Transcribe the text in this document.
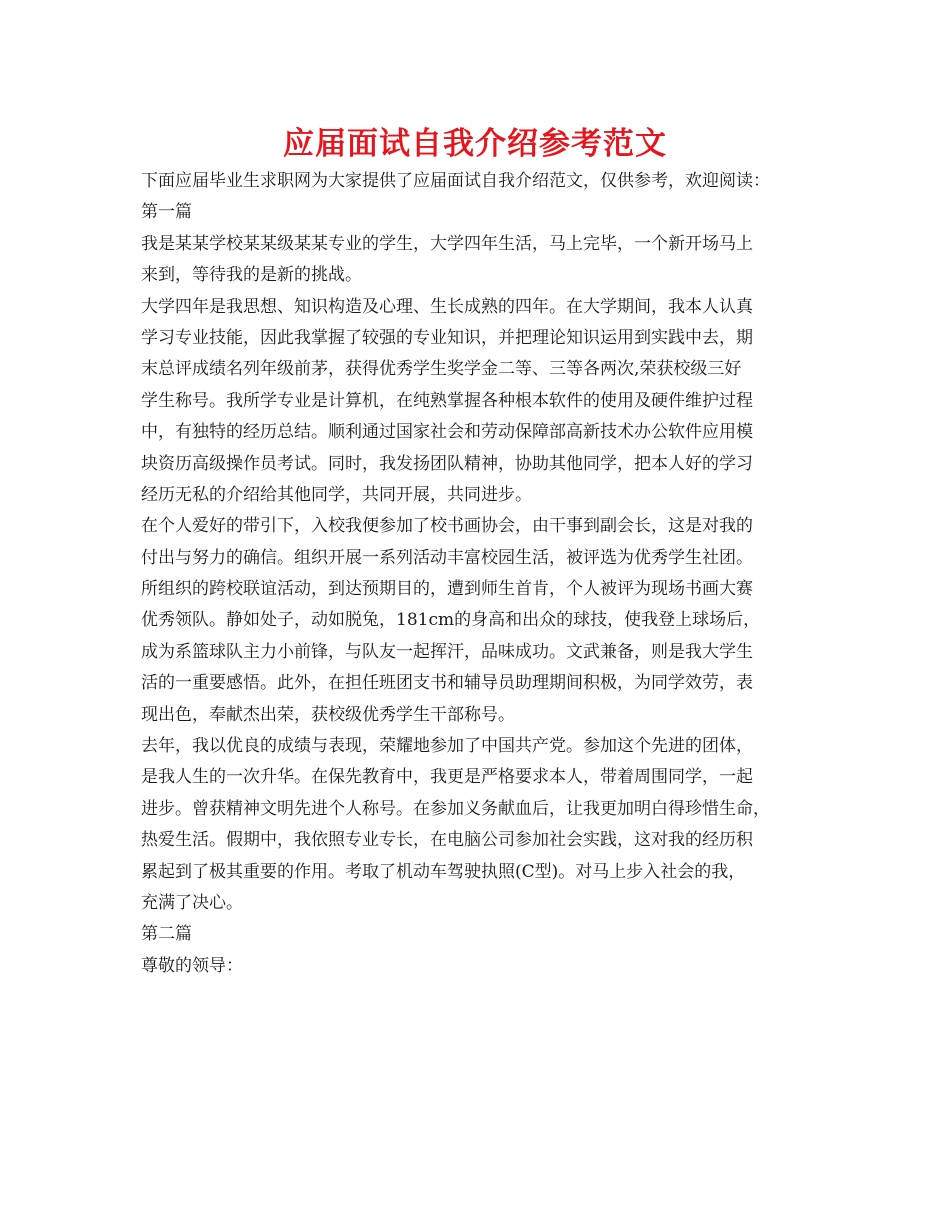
应届面试自我介绍参考范文

下面应届毕业生求职网为大家提供了应届面试自我介绍范文，仅供参考，欢迎阅读：

第一篇

我是某某学校某某级某某专业的学生，大学四年生活，马上完毕，一个新开场马上

来到，等待我的是新的挑战。

大学四年是我思想、知识构造及心理、生长成熟的四年。在大学期间，我本人认真

学习专业技能，因此我掌握了较强的专业知识，并把理论知识运用到实践中去，期

末总评成绩名列年级前茅，获得优秀学生奖学金二等、三等各两次,荣获校级三好

学生称号。我所学专业是计算机，在纯熟掌握各种根本软件的使用及硬件维护过程

中，有独特的经历总结。顺利通过国家社会和劳动保障部高新技术办公软件应用模

块资历高级操作员考试。同时，我发扬团队精神，协助其他同学，把本人好的学习

经历无私的介绍给其他同学，共同开展，共同进步。

在个人爱好的带引下，入校我便参加了校书画协会，由干事到副会长，这是对我的

付出与努力的确信。组织开展一系列活动丰富校园生活，被评选为优秀学生社团。

所组织的跨校联谊活动，到达预期目的，遭到师生首肯，个人被评为现场书画大赛

优秀领队。静如处子，动如脱兔，181cm的身高和出众的球技，使我登上球场后，

成为系篮球队主力小前锋，与队友一起挥汗，品味成功。文武兼备，则是我大学生

活的一重要感悟。此外，在担任班团支书和辅导员助理期间积极，为同学效劳，表

现出色，奉献杰出荣，获校级优秀学生干部称号。

去年，我以优良的成绩与表现，荣耀地参加了中国共产党。参加这个先进的团体，

是我人生的一次升华。在保先教育中，我更是严格要求本人，带着周围同学，一起

进步。曾获精神文明先进个人称号。在参加义务献血后，让我更加明白得珍惜生命，

热爱生活。假期中，我依照专业专长，在电脑公司参加社会实践，这对我的经历积

累起到了极其重要的作用。考取了机动车驾驶执照(C型)。对马上步入社会的我，

充满了决心。

第二篇

尊敬的领导：
